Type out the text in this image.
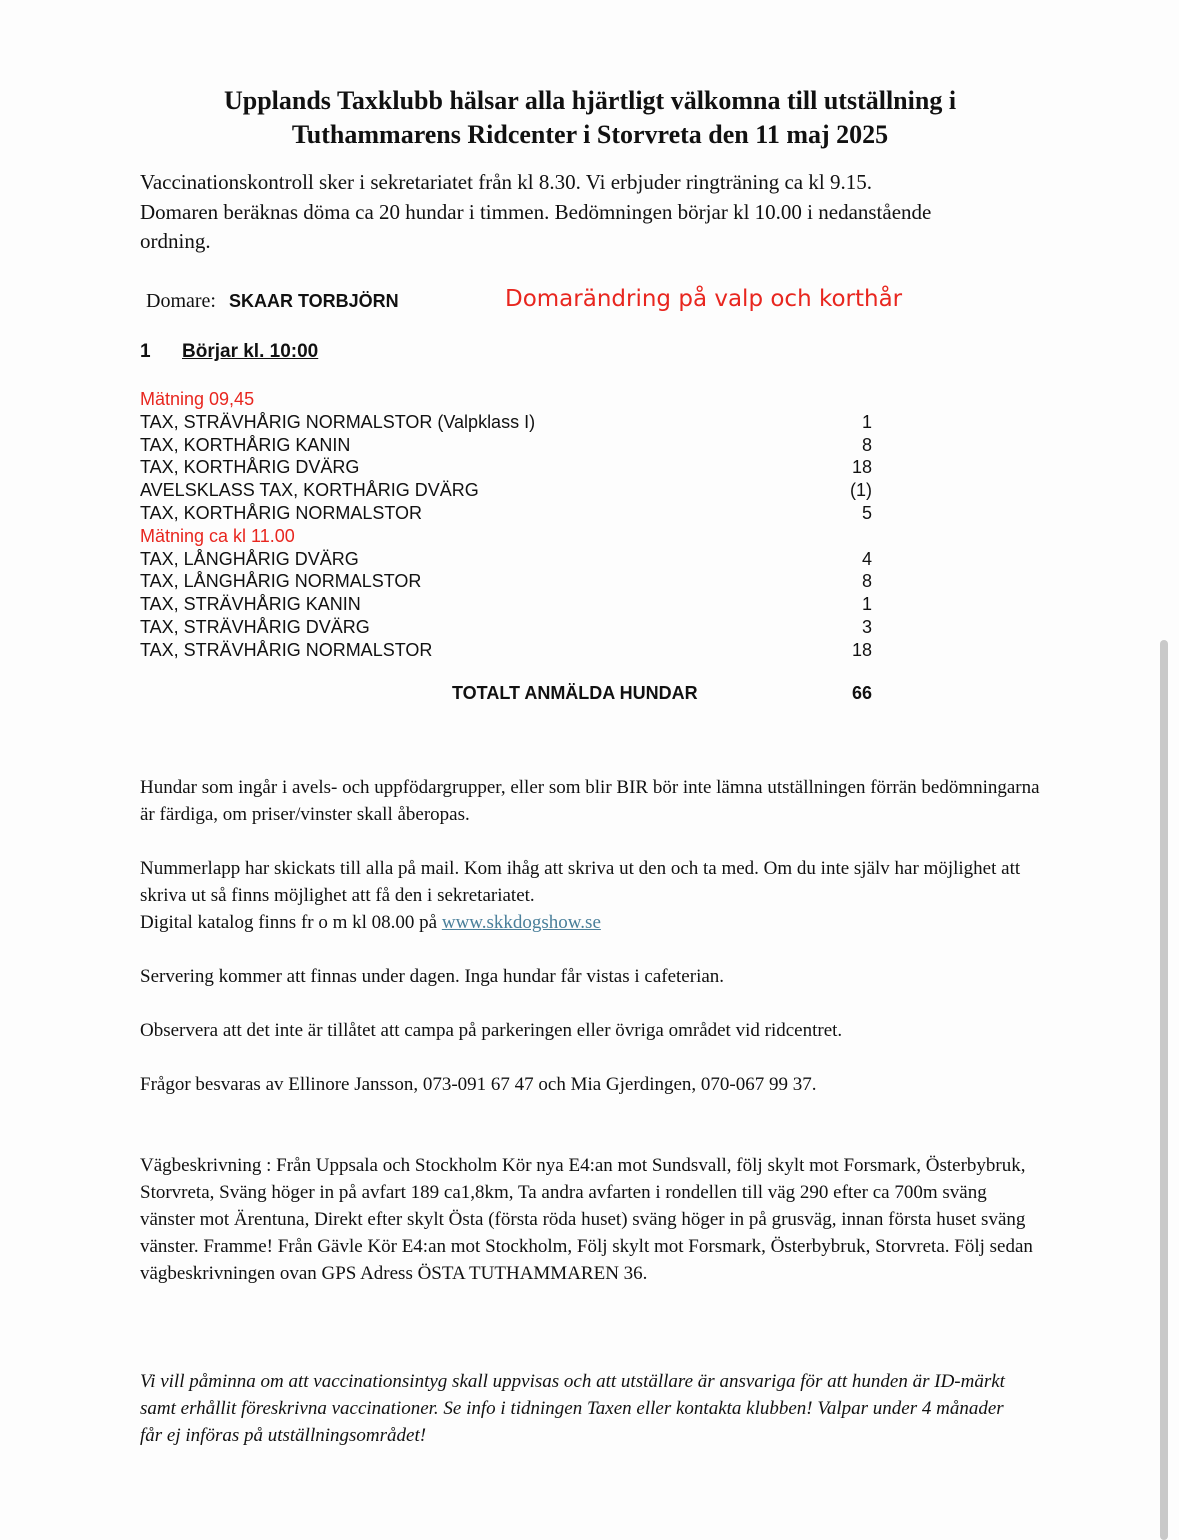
Upplands Taxklubb hälsar alla hjärtligt välkomna till utställning i
Tuthammarens Ridcenter i Storvreta den 11 maj 2025

Vaccinationskontroll sker i sekretariatet från kl 8.30. Vi erbjuder ringträning ca kl 9.15.
Domaren beräknas döma ca 20 hundar i timmen. Bedömningen börjar kl 10.00 i nedanstående
ordning.

Domare: SKAAR TORBJÖRN	Domarändring på valp och korthår
1 Börjar kl. 10:00
Mätning 09,45
TAX, STRÄVHÅRIG NORMALSTOR (Valpklass I)	1
TAX, KORTHÅRIG KANIN	8
TAX, KORTHÅRIG DVÄRG	18
AVELSKLASS TAX, KORTHÅRIG DVÄRG	(1)
TAX, KORTHÅRIG NORMALSTOR	5
Mätning ca kl 11.00
TAX, LÅNGHÅRIG DVÄRG	4
TAX, LÅNGHÅRIG NORMALSTOR	8
TAX, STRÄVHÅRIG KANIN	1
TAX, STRÄVHÅRIG DVÄRG	3
TAX, STRÄVHÅRIG NORMALSTOR	18
TOTALT ANMÄLDA HUNDAR	66

Hundar som ingår i avels- och uppfödargrupper, eller som blir BIR bör inte lämna utställningen förrän bedömningarna är färdiga, om priser/vinster skall åberopas.

Nummerlapp har skickats till alla på mail. Kom ihåg att skriva ut den och ta med. Om du inte själv har möjlighet att skriva ut så finns möjlighet att få den i sekretariatet.
Digital katalog finns fr o m kl 08.00 på www.skkdogshow.se

Servering kommer att finnas under dagen. Inga hundar får vistas i cafeterian.

Observera att det inte är tillåtet att campa på parkeringen eller övriga området vid ridcentret.

Frågor besvaras av Ellinore Jansson, 073-091 67 47 och Mia Gjerdingen, 070-067 99 37.

Vägbeskrivning : Från Uppsala och Stockholm Kör nya E4:an mot Sundsvall, följ skylt mot Forsmark, Österbybruk, Storvreta, Sväng höger in på avfart 189 ca1,8km, Ta andra avfarten i rondellen till väg 290 efter ca 700m sväng vänster mot Ärentuna, Direkt efter skylt Östa (första röda huset) sväng höger in på grusväg, innan första huset sväng vänster. Framme! Från Gävle Kör E4:an mot Stockholm, Följ skylt mot Forsmark, Österbybruk, Storvreta. Följ sedan vägbeskrivningen ovan GPS Adress ÖSTA TUTHAMMAREN 36.

Vi vill påminna om att vaccinationsintyg skall uppvisas och att utställare är ansvariga för att hunden är ID-märkt samt erhållit föreskrivna vaccinationer. Se info i tidningen Taxen eller kontakta klubben! Valpar under 4 månader får ej införas på utställningsområdet!
